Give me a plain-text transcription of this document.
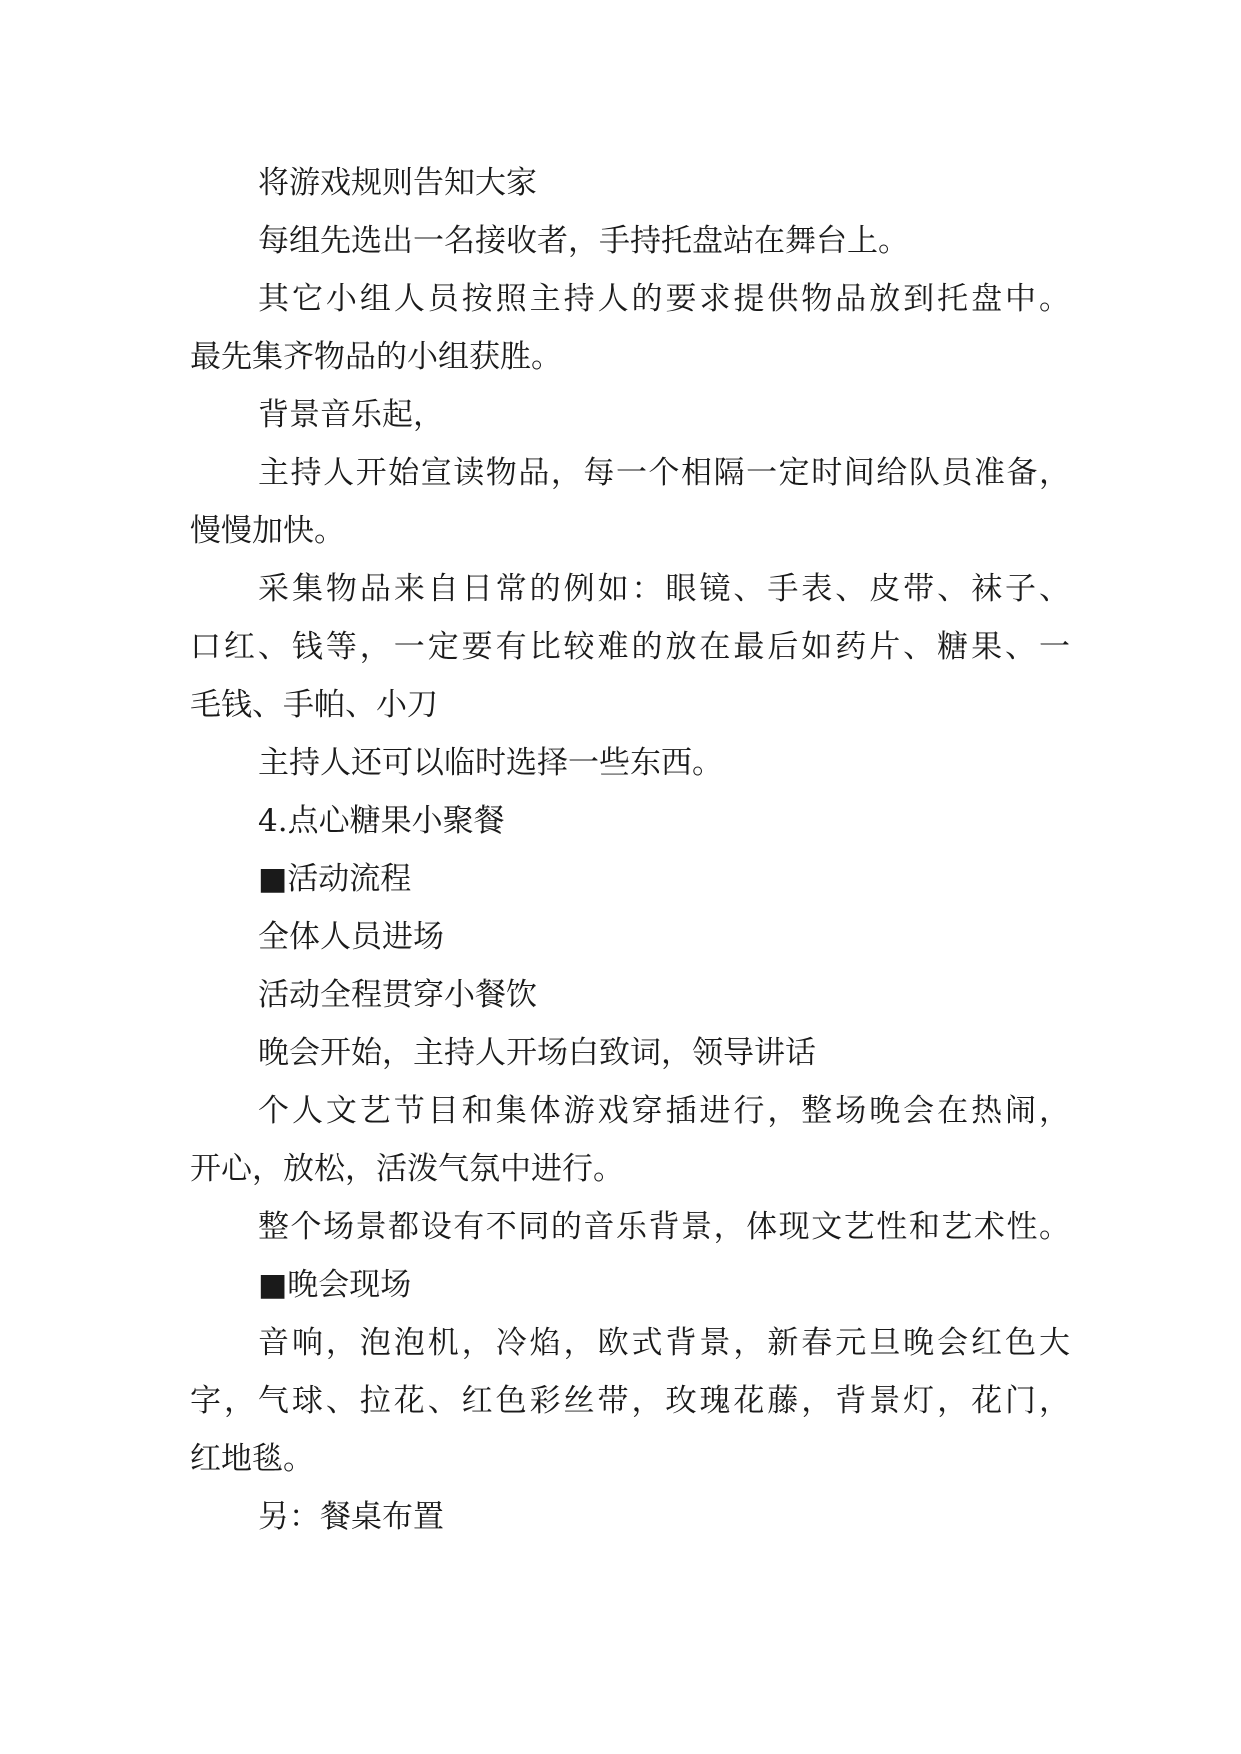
将游戏规则告知大家
每组先选出一名接收者，手持托盘站在舞台上。
其它小组人员按照主持人的要求提供物品放到托盘中。
最先集齐物品的小组获胜。
背景音乐起，
主持人开始宣读物品，每一个相隔一定时间给队员准备，
慢慢加快。
采集物品来自日常的例如：眼镜、手表、皮带、袜子、
口红、钱等，一定要有比较难的放在最后如药片、糖果、一
毛钱、手帕、小刀
主持人还可以临时选择一些东西。
4.点心糖果小聚餐
■活动流程
全体人员进场
活动全程贯穿小餐饮
晚会开始，主持人开场白致词，领导讲话
个人文艺节目和集体游戏穿插进行，整场晚会在热闹，
开心，放松，活泼气氛中进行。
整个场景都设有不同的音乐背景，体现文艺性和艺术性。
■晚会现场
音响，泡泡机，冷焰，欧式背景，新春元旦晚会红色大
字，气球、拉花、红色彩丝带，玫瑰花藤，背景灯，花门，
红地毯。
另：餐桌布置
